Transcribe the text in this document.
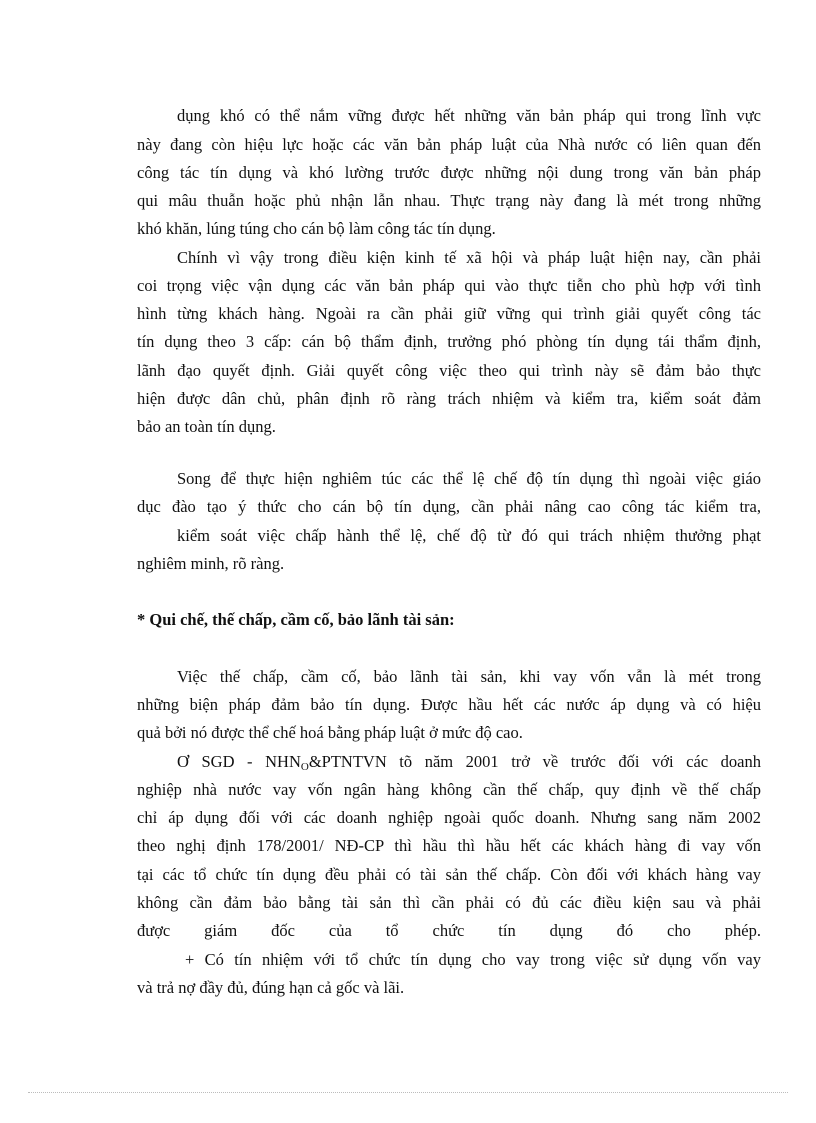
dụng khó có thể nắm vững được hết những văn bản pháp qui trong lĩnh vực
này đang còn hiệu lực hoặc các văn bản pháp luật của Nhà nước có liên quan đến
công tác tín dụng và khó lường trước được những nội dung trong văn bản pháp
qui mâu thuẫn hoặc phủ nhận lẫn nhau. Thực trạng này đang là mét trong những
khó khăn, lúng túng cho cán bộ làm công tác tín dụng.
Chính vì vậy trong điều kiện kinh tế xã hội và pháp luật hiện nay, cần phải
coi trọng việc vận dụng các văn bản pháp qui vào thực tiễn cho phù hợp với tình
hình từng khách hàng. Ngoài ra cần phải giữ vững qui trình giải quyết công tác
tín dụng theo 3 cấp: cán bộ thẩm định, trưởng phó phòng tín dụng tái thẩm định,
lãnh đạo quyết định. Giải quyết công việc theo qui trình này sẽ đảm bảo thực
hiện được dân chủ, phân định rõ ràng trách nhiệm và kiểm tra, kiểm soát đảm
bảo an toàn tín dụng.
Song để thực hiện nghiêm túc các thể lệ chế độ tín dụng thì ngoài việc giáo
dục đào tạo ý thức cho cán bộ tín dụng, cần phải nâng cao công tác kiểm tra,
kiểm soát việc chấp hành thể lệ, chế độ từ đó qui trách nhiệm thưởng phạt
nghiêm minh, rõ ràng.
* Qui chế, thế chấp, cầm cố, bảo lãnh tài sản:
Việc thế chấp, cầm cố, bảo lãnh tài sản, khi vay vốn vẫn là mét trong
những biện pháp đảm bảo tín dụng. Được hầu hết các nước áp dụng và có hiệu
quả bởi nó được thể chế hoá bằng pháp luật ở mức độ cao.
Ơ SGD - $NHN_O\&PTNTVN$ tõ năm 2001 trở về trước đối với các doanh
nghiệp nhà nước vay vốn ngân hàng không cần thế chấp, quy định về thế chấp
chỉ áp dụng đối với các doanh nghiệp ngoài quốc doanh. Nhưng sang năm 2002
theo nghị định 178/2001/ NĐ-CP thì hầu thì hầu hết các khách hàng đi vay vốn
tại các tổ chức tín dụng đều phải có tài sản thế chấp. Còn đối với khách hàng vay
không cần đảm bảo bằng tài sản thì cần phải có đủ các điều kiện sau và phải
được giám đốc của tổ chức tín dụng đó cho phép.
+ Có tín nhiệm với tổ chức tín dụng cho vay trong việc sử dụng vốn vay
và trả nợ đầy đủ, đúng hạn cả gốc và lãi.
